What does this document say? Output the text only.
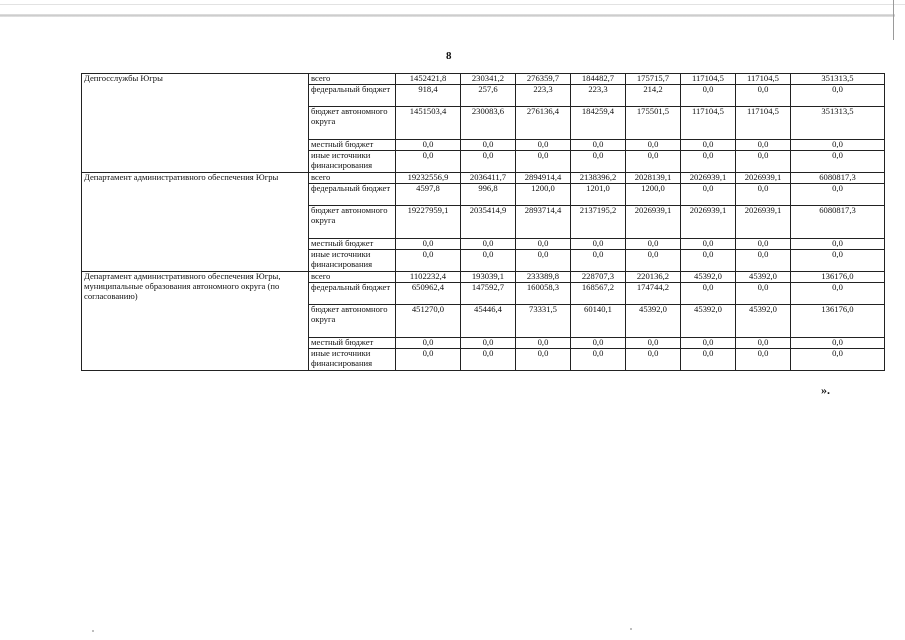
8
Депгосслужбы Югры	всего	1452421,8	230341,2	276359,7	184482,7	175715,7	117104,5	117104,5	351313,5
	федеральный бюджет	918,4	257,6	223,3	223,3	214,2	0,0	0,0	0,0
	бюджет автономного округа	1451503,4	230083,6	276136,4	184259,4	175501,5	117104,5	117104,5	351313,5
	местный бюджет	0,0	0,0	0,0	0,0	0,0	0,0	0,0	0,0
	иные источники финансирования	0,0	0,0	0,0	0,0	0,0	0,0	0,0	0,0
Департамент административного обеспечения Югры	всего	19232556,9	2036411,7	2894914,4	2138396,2	2028139,1	2026939,1	2026939,1	6080817,3
	федеральный бюджет	4597,8	996,8	1200,0	1201,0	1200,0	0,0	0,0	0,0
	бюджет автономного округа	19227959,1	2035414,9	2893714,4	2137195,2	2026939,1	2026939,1	2026939,1	6080817,3
	местный бюджет	0,0	0,0	0,0	0,0	0,0	0,0	0,0	0,0
	иные источники финансирования	0,0	0,0	0,0	0,0	0,0	0,0	0,0	0,0
Департамент административного обеспечения Югры, муниципальные образования автономного округа (по согласованию)	всего	1102232,4	193039,1	233389,8	228707,3	220136,2	45392,0	45392,0	136176,0
	федеральный бюджет	650962,4	147592,7	160058,3	168567,2	174744,2	0,0	0,0	0,0
	бюджет автономного округа	451270,0	45446,4	73331,5	60140,1	45392,0	45392,0	45392,0	136176,0
	местный бюджет	0,0	0,0	0,0	0,0	0,0	0,0	0,0	0,0
	иные источники финансирования	0,0	0,0	0,0	0,0	0,0	0,0	0,0	0,0
».
